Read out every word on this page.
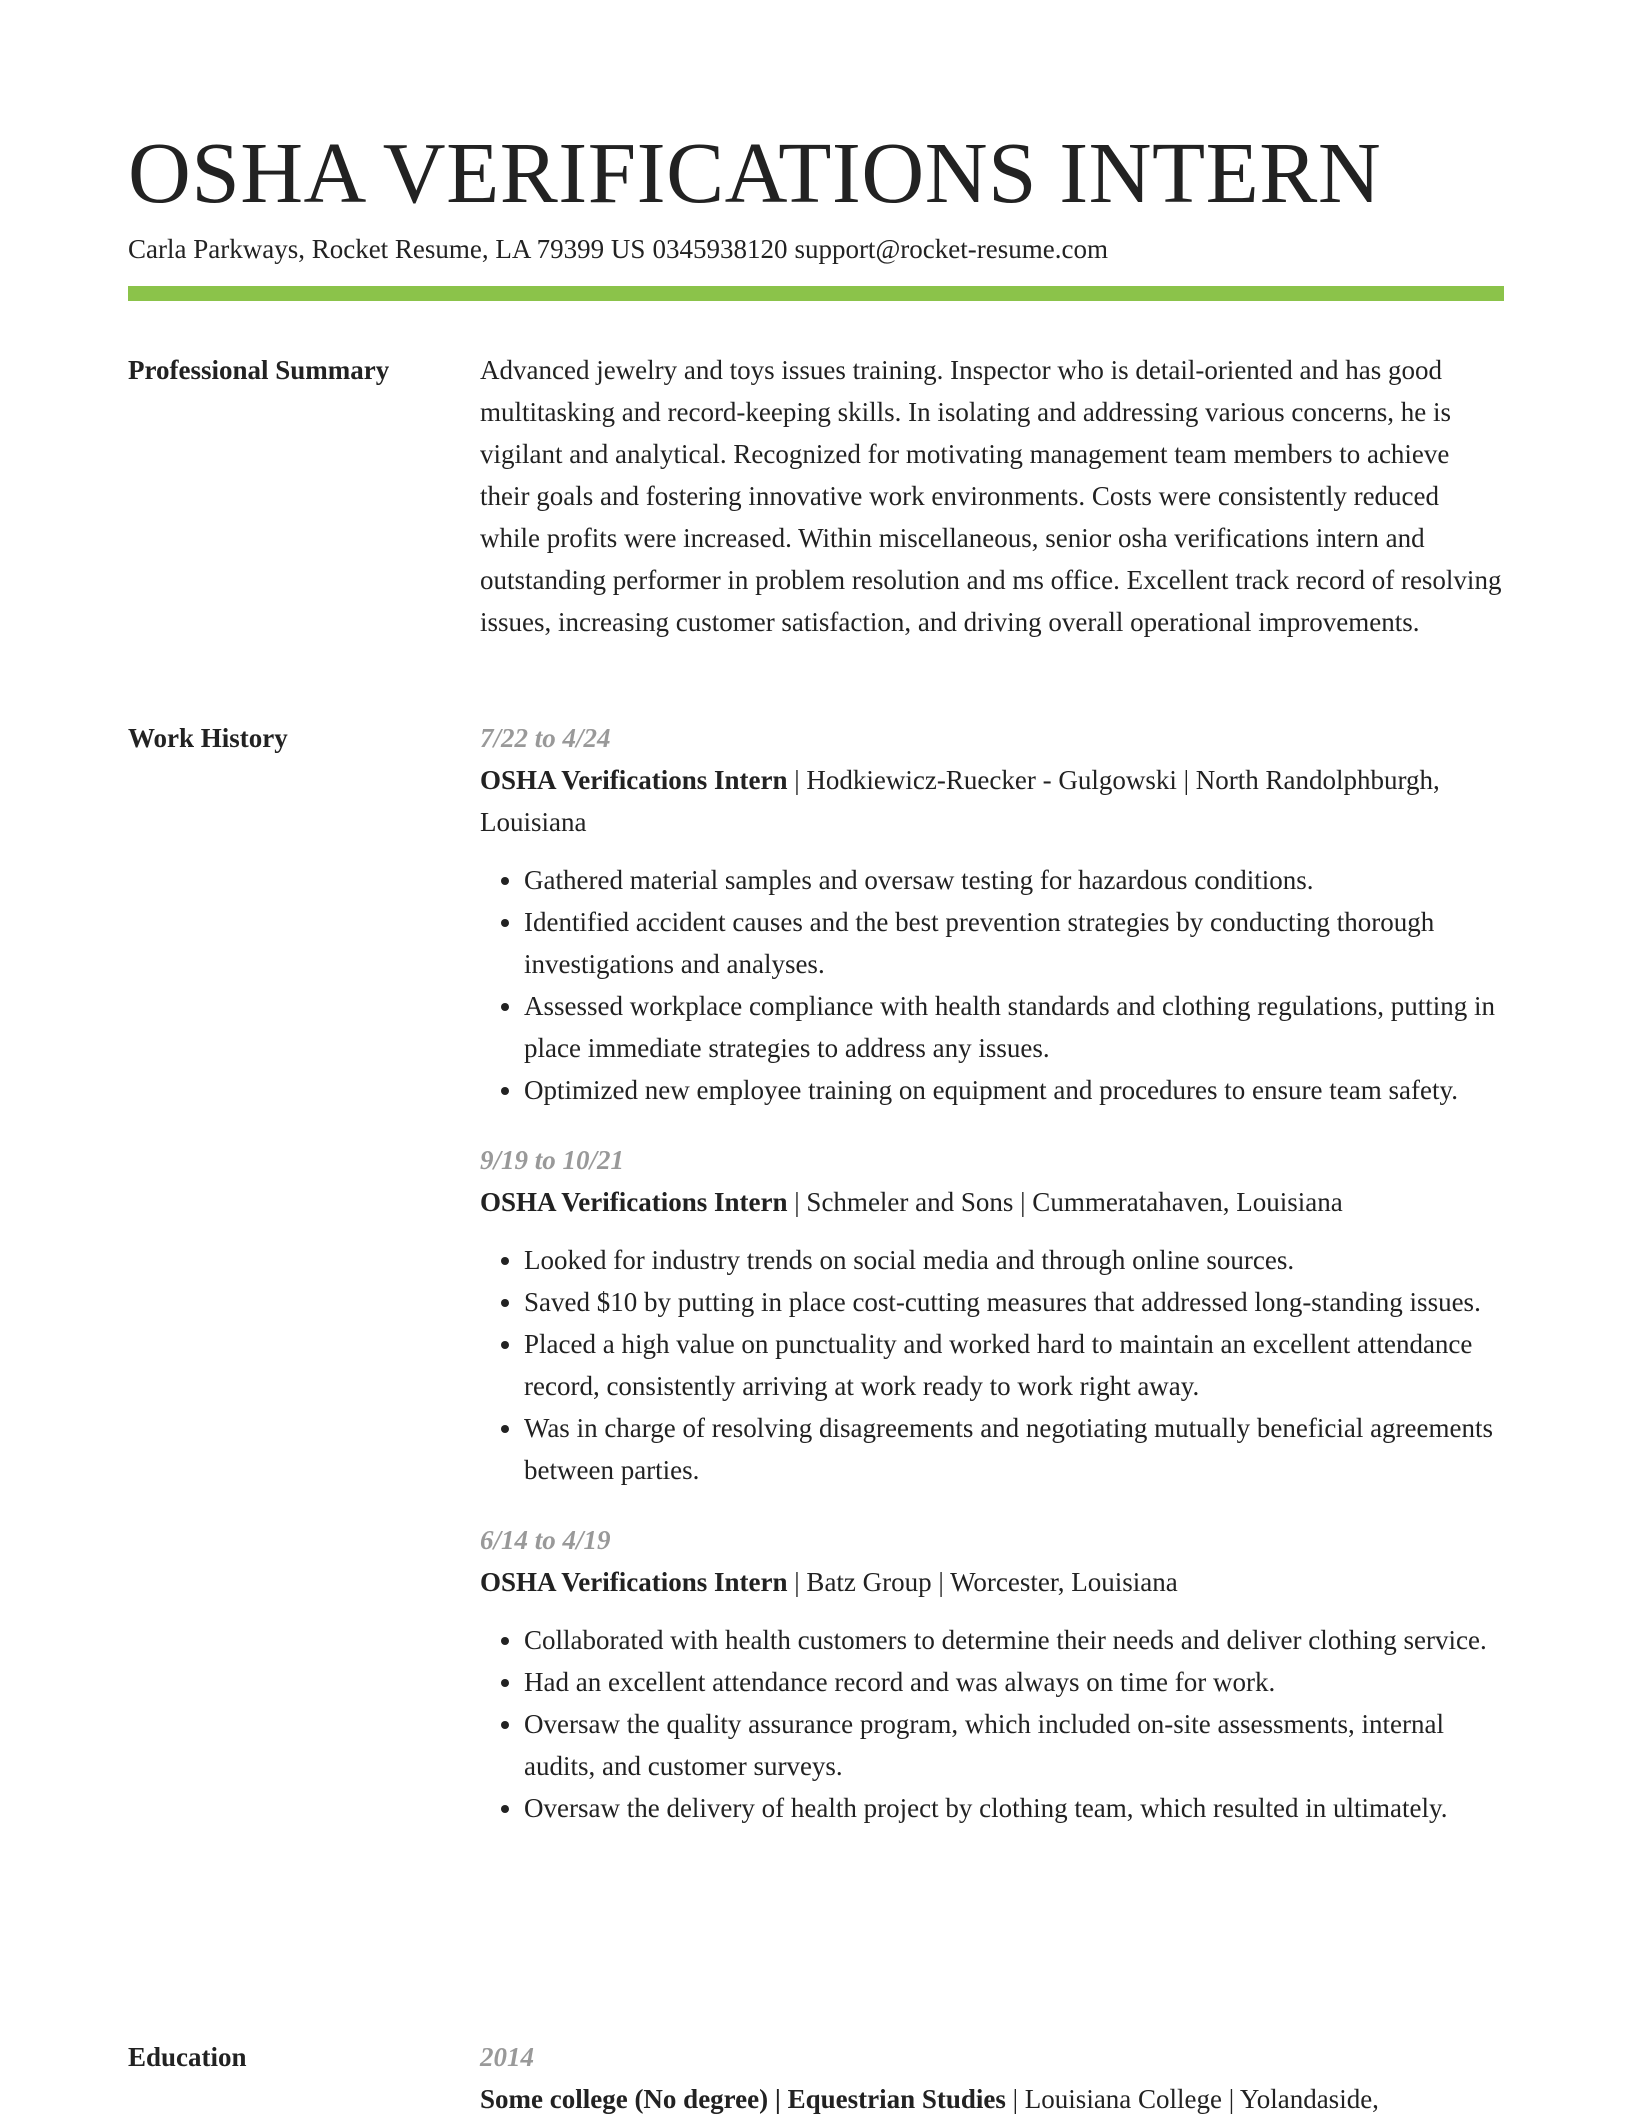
OSHA VERIFICATIONS INTERN
Carla Parkways, Rocket Resume, LA 79399 US 0345938120 support@rocket-resume.com
Professional Summary	Advanced jewelry and toys issues training. Inspector who is detail-oriented and has good multitasking and record-keeping skills. In isolating and addressing various concerns, he is vigilant and analytical. Recognized for motivating management team members to achieve their goals and fostering innovative work environments. Costs were consistently reduced while profits were increased. Within miscellaneous, senior osha verifications intern and outstanding performer in problem resolution and ms office. Excellent track record of resolving issues, increasing customer satisfaction, and driving overall operational improvements.

Work History	7/22 to 4/24
OSHA Verifications Intern | Hodkiewicz-Ruecker - Gulgowski | North Randolphburgh, Louisiana
• Gathered material samples and oversaw testing for hazardous conditions.
• Identified accident causes and the best prevention strategies by conducting thorough investigations and analyses.
• Assessed workplace compliance with health standards and clothing regulations, putting in place immediate strategies to address any issues.
• Optimized new employee training on equipment and procedures to ensure team safety.
9/19 to 10/21
OSHA Verifications Intern | Schmeler and Sons | Cummeratahaven, Louisiana
• Looked for industry trends on social media and through online sources.
• Saved $10 by putting in place cost-cutting measures that addressed long-standing issues.
• Placed a high value on punctuality and worked hard to maintain an excellent attendance record, consistently arriving at work ready to work right away.
• Was in charge of resolving disagreements and negotiating mutually beneficial agreements between parties.
6/14 to 4/19
OSHA Verifications Intern | Batz Group | Worcester, Louisiana
• Collaborated with health customers to determine their needs and deliver clothing service.
• Had an excellent attendance record and was always on time for work.
• Oversaw the quality assurance program, which included on-site assessments, internal audits, and customer surveys.
• Oversaw the delivery of health project by clothing team, which resulted in ultimately.
Education	2014
Some college (No degree) | Equestrian Studies | Louisiana College | Yolandaside,
